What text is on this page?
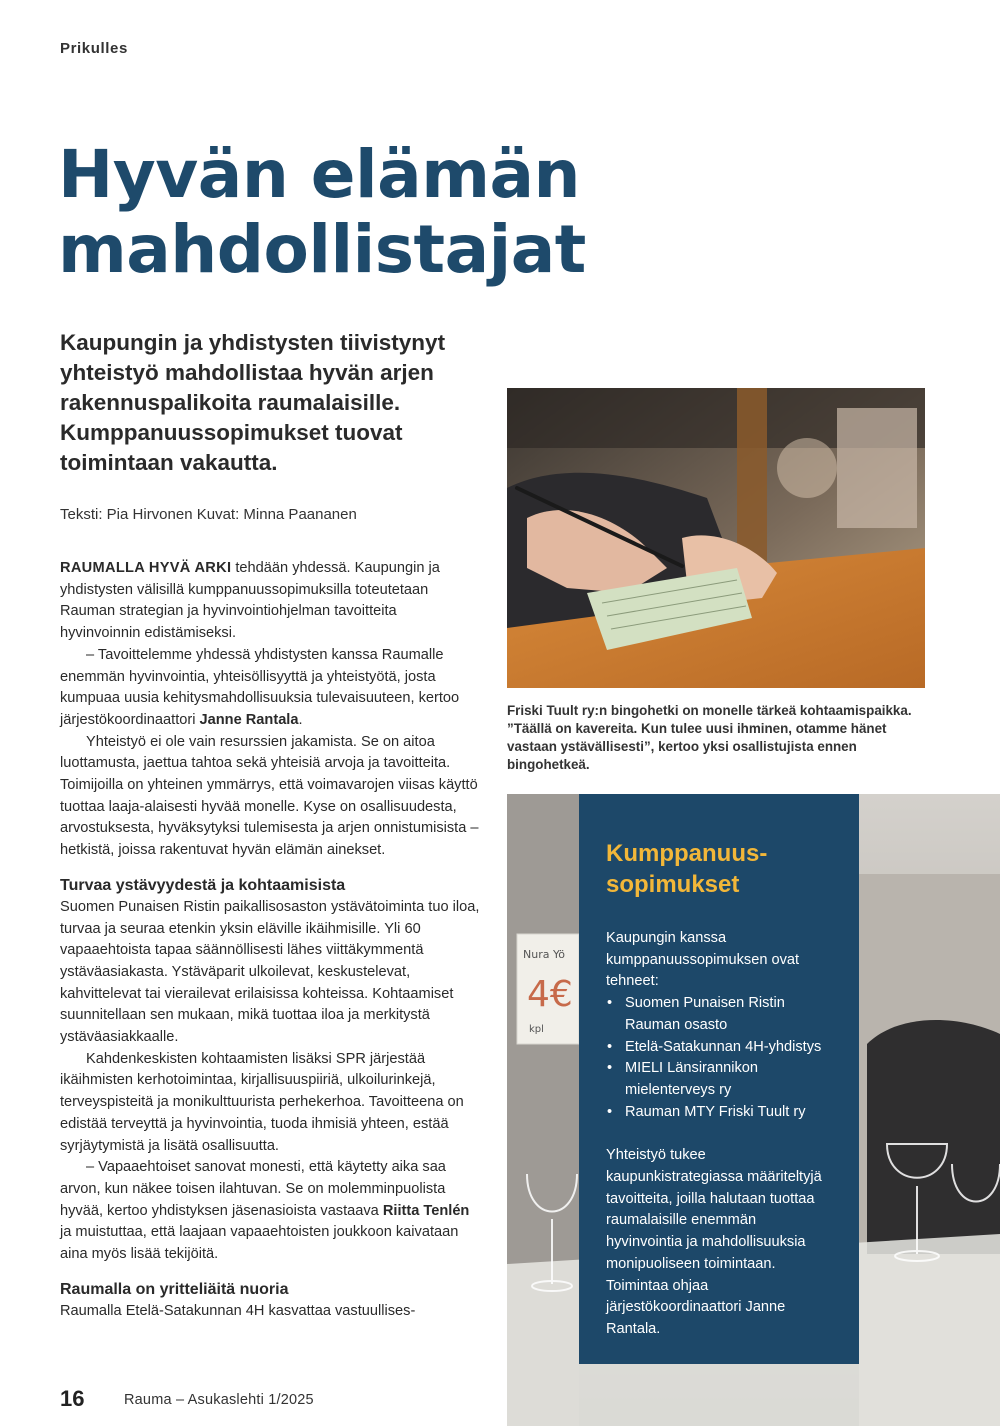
Prikulles
Hyvän elämän
mahdollistajat

Kaupungin ja yhdistysten tiivistynyt yhteistyö mahdollistaa hyvän arjen rakennuspalikoita raumalaisille. Kumppanuussopimukset tuovat toimintaan vakautta.

Teksti: Pia Hirvonen Kuvat: Minna Paananen

RAUMALLA HYVÄ ARKI tehdään yhdessä. Kaupungin ja yhdistysten välisillä kumppanuussopimuksilla toteutetaan Rauman strategian ja hyvinvointiohjelman tavoitteita hyvinvoinnin edistämiseksi.

– Tavoittelemme yhdessä yhdistysten kanssa Raumalle enemmän hyvinvointia, yhteisöllisyyttä ja yhteistyötä, josta kumpuaa uusia kehitysmahdollisuuksia tulevaisuuteen, kertoo järjestökoordinaattori Janne Rantala.

Yhteistyö ei ole vain resurssien jakamista. Se on aitoa luottamusta, jaettua tahtoa sekä yhteisiä arvoja ja tavoitteita. Toimijoilla on yhteinen ymmärrys, että voimavarojen viisas käyttö tuottaa laaja-alaisesti hyvää monelle. Kyse on osallisuudesta, arvostuksesta, hyväksytyksi tulemisesta ja arjen onnistumisista – hetkistä, joissa rakentuvat hyvän elämän ainekset.

Turvaa ystävyydestä ja kohtaamisista

Suomen Punaisen Ristin paikallisosaston ystävätoiminta tuo iloa, turvaa ja seuraa etenkin yksin eläville ikäihmisille. Yli 60 vapaaehtoista tapaa säännöllisesti lähes viittäkymmentä ystäväasiakasta. Ystäväparit ulkoilevat, keskustelevat, kahvittelevat tai vierailevat erilaisissa kohteissa. Kohtaamiset suunnitellaan sen mukaan, mikä tuottaa iloa ja merkitystä ystäväasiakkaalle.

Kahdenkeskisten kohtaamisten lisäksi SPR järjestää ikäihmisten kerhotoimintaa, kirjallisuuspiiriä, ulkoilurinkejä, terveyspisteitä ja monikulttuurista perhekerhoa. Tavoitteena on edistää terveyttä ja hyvinvointia, tuoda ihmisiä yhteen, estää syrjäytymistä ja lisätä osallisuutta.

– Vapaaehtoiset sanovat monesti, että käytetty aika saa arvon, kun näkee toisen ilahtuvan. Se on molemminpuolista hyvää, kertoo yhdistyksen jäsenasioista vastaava Riitta Tenlén ja muistuttaa, että laajaan vapaaehtoisten joukkoon kaivataan aina myös lisää tekijöitä.

Raumalla on yritteliäitä nuoria

Raumalla Etelä-Satakunnan 4H kasvattaa vastuullises-

Friski Tuult ry:n bingohetki on monelle tärkeä kohtaamispaikka. ”Täällä on kavereita. Kun tulee uusi ihminen, otamme hänet vastaan ystävällisesti”, kertoo yksi osallistujista ennen bingohetkeä.
Nura Yö
4€
kpl
Kumppanuus-sopimukset

Kaupungin kanssa kumppanuussopimuksen ovat tehneet:

• Suomen Punaisen Ristin Rauman osasto
• Etelä-Satakunnan 4H-yhdistys
• MIELI Länsirannikon mielenterveys ry
• Rauman MTY Friski Tuult ry

Yhteistyö tukee kaupunkistrategiassa määriteltyjä tavoitteita, joilla halutaan tuottaa raumalaisille enemmän hyvinvointia ja mahdollisuuksia monipuoliseen toimintaan. Toimintaa ohjaa järjestökoordinaattori Janne Rantala.

16	Rauma – Asukaslehti 1/2025
